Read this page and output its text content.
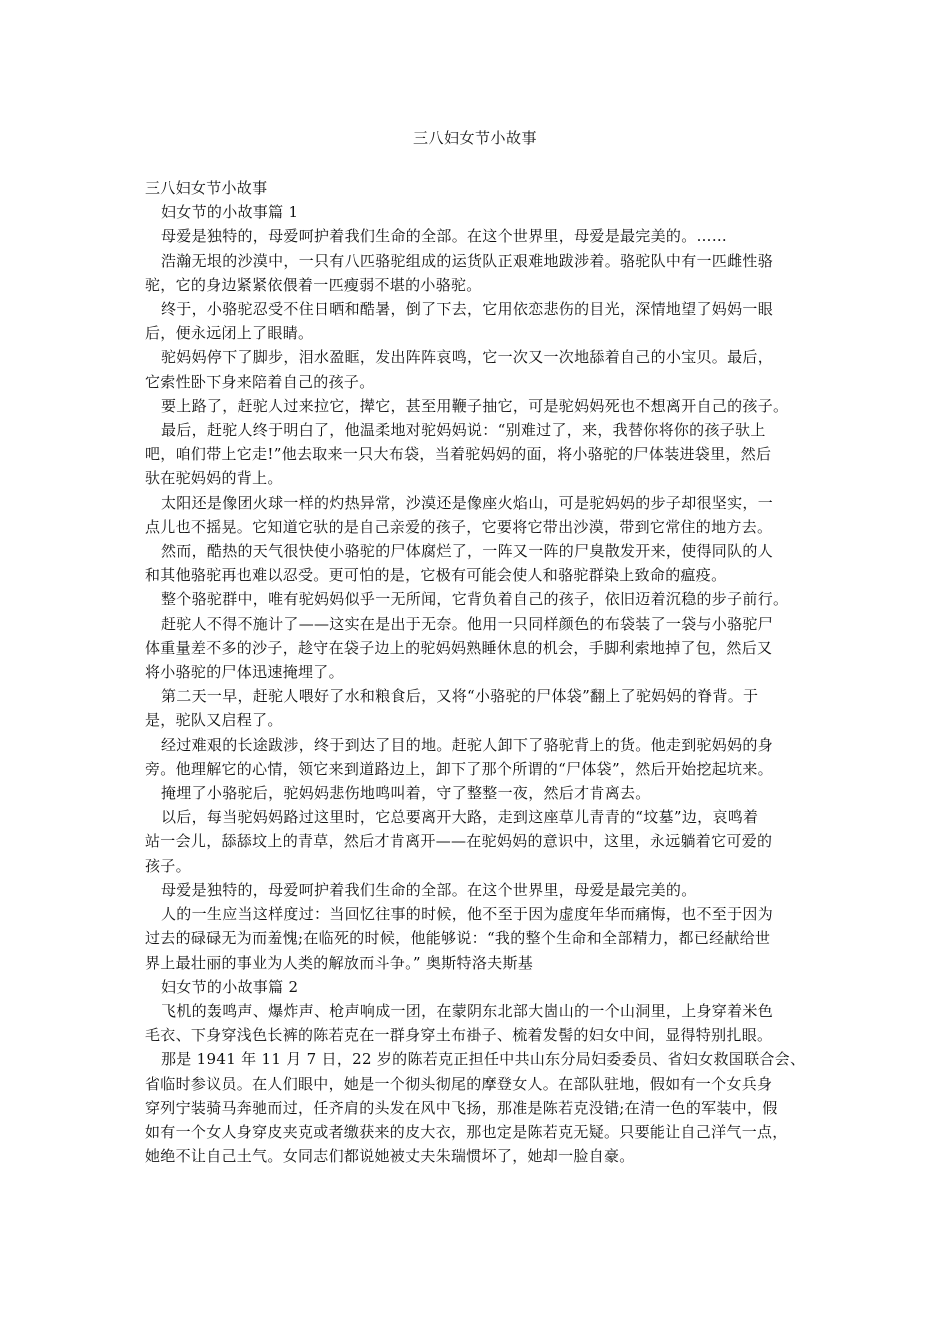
三八妇女节小故事
三八妇女节小故事
妇女节的小故事篇 1
母爱是独特的，母爱呵护着我们生命的全部。在这个世界里，母爱是最完美的。……
浩瀚无垠的沙漠中，一只有八匹骆驼组成的运货队正艰难地跋涉着。骆驼队中有一匹雌性骆
驼，它的身边紧紧依偎着一匹瘦弱不堪的小骆驼。
终于，小骆驼忍受不住日晒和酷暑，倒了下去，它用依恋悲伤的目光，深情地望了妈妈一眼
后，便永远闭上了眼睛。
驼妈妈停下了脚步，泪水盈眶，发出阵阵哀鸣，它一次又一次地舔着自己的小宝贝。最后，
它索性卧下身来陪着自己的孩子。
要上路了，赶驼人过来拉它，撵它，甚至用鞭子抽它，可是驼妈妈死也不想离开自己的孩子。
最后，赶驼人终于明白了，他温柔地对驼妈妈说：“别难过了，来，我替你将你的孩子驮上
吧，咱们带上它走!”他去取来一只大布袋，当着驼妈妈的面，将小骆驼的尸体装进袋里，然后
驮在驼妈妈的背上。
太阳还是像团火球一样的灼热异常，沙漠还是像座火焰山，可是驼妈妈的步子却很坚实，一
点儿也不摇晃。它知道它驮的是自己亲爱的孩子，它要将它带出沙漠，带到它常住的地方去。
然而，酷热的天气很快使小骆驼的尸体腐烂了，一阵又一阵的尸臭散发开来，使得同队的人
和其他骆驼再也难以忍受。更可怕的是，它极有可能会使人和骆驼群染上致命的瘟疫。
整个骆驼群中，唯有驼妈妈似乎一无所闻，它背负着自己的孩子，依旧迈着沉稳的步子前行。
赶驼人不得不施计了——这实在是出于无奈。他用一只同样颜色的布袋装了一袋与小骆驼尸
体重量差不多的沙子，趁守在袋子边上的驼妈妈熟睡休息的机会，手脚利索地掉了包，然后又
将小骆驼的尸体迅速掩埋了。
第二天一早，赶驼人喂好了水和粮食后，又将“小骆驼的尸体袋”翻上了驼妈妈的脊背。于
是，驼队又启程了。
经过难艰的长途跋涉，终于到达了目的地。赶驼人卸下了骆驼背上的货。他走到驼妈妈的身
旁。他理解它的心情，领它来到道路边上，卸下了那个所谓的“尸体袋”，然后开始挖起坑来。
掩埋了小骆驼后，驼妈妈悲伤地鸣叫着，守了整整一夜，然后才肯离去。
以后，每当驼妈妈路过这里时，它总要离开大路，走到这座草儿青青的“坟墓”边，哀鸣着
站一会儿，舔舔坟上的青草，然后才肯离开——在驼妈妈的意识中，这里，永远躺着它可爱的
孩子。
母爱是独特的，母爱呵护着我们生命的全部。在这个世界里，母爱是最完美的。
人的一生应当这样度过：当回忆往事的时候，他不至于因为虚度年华而痛悔，也不至于因为
过去的碌碌无为而羞愧;在临死的时候，他能够说：“我的整个生命和全部精力，都已经献给世
界上最壮丽的事业为人类的解放而斗争。” 奥斯特洛夫斯基
妇女节的小故事篇 2
飞机的轰鸣声、爆炸声、枪声响成一团，在蒙阴东北部大崮山的一个山洞里，上身穿着米色
毛衣、下身穿浅色长裤的陈若克在一群身穿土布褂子、梳着发髻的妇女中间，显得特别扎眼。
那是 1941 年 11 月 7 日，22 岁的陈若克正担任中共山东分局妇委委员、省妇女救国联合会、
省临时参议员。在人们眼中，她是一个彻头彻尾的摩登女人。在部队驻地，假如有一个女兵身
穿列宁装骑马奔驰而过，任齐肩的头发在风中飞扬，那准是陈若克没错;在清一色的军装中，假
如有一个女人身穿皮夹克或者缴获来的皮大衣，那也定是陈若克无疑。只要能让自己洋气一点，
她绝不让自己土气。女同志们都说她被丈夫朱瑞惯坏了，她却一脸自豪。
